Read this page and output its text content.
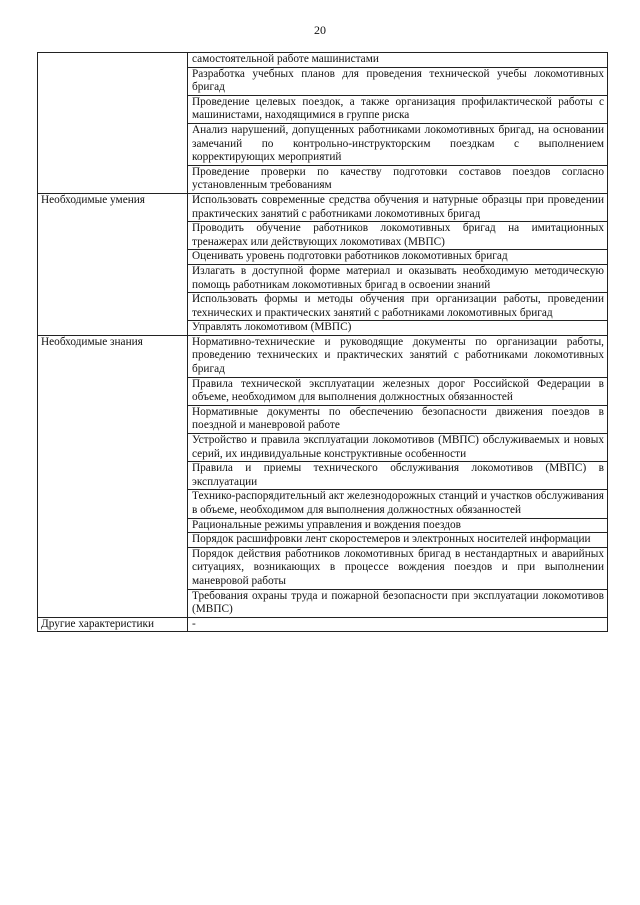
20

	самостоятельной работе машинистами

	Разработка учебных планов для проведения технической учебы локомотивных бригад

	Проведение целевых поездок, а также организация профилактической работы с машинистами, находящимися в группе риска

	Анализ нарушений, допущенных работниками локомотивных бригад, на основании замечаний по контрольно-инструкторским поездкам с выполнением корректирующих мероприятий

	Проведение проверки по качеству подготовки составов поездов согласно установленным требованиям

Необходимые умения	Использовать современные средства обучения и натурные образцы при проведении практических занятий с работниками локомотивных бригад

	Проводить обучение работников локомотивных бригад на имитационных тренажерах или действующих локомотивах (МВПС)

	Оценивать уровень подготовки работников локомотивных бригад

	Излагать в доступной форме материал и оказывать необходимую методическую помощь работникам локомотивных бригад в освоении знаний

	Использовать формы и методы обучения при организации работы, проведении технических и практических занятий с работниками локомотивных бригад

	Управлять локомотивом (МВПС)

Необходимые знания	Нормативно-технические и руководящие документы по организации работы, проведению технических и практических занятий с работниками локомотивных бригад

	Правила технической эксплуатации железных дорог Российской Федерации в объеме, необходимом для выполнения должностных обязанностей

	Нормативные документы по обеспечению безопасности движения поездов в поездной и маневровой работе

	Устройство и правила эксплуатации локомотивов (МВПС) обслуживаемых и новых серий, их индивидуальные конструктивные особенности

	Правила и приемы технического обслуживания локомотивов (МВПС) в эксплуатации

	Технико-распорядительный акт железнодорожных станций и участков обслуживания в объеме, необходимом для выполнения должностных обязанностей

	Рациональные режимы управления и вождения поездов

	Порядок расшифровки лент скоростемеров и электронных носителей информации

	Порядок действия работников локомотивных бригад в нестандартных и аварийных ситуациях, возникающих в процессе вождения поездов и при выполнении маневровой работы

	Требования охраны труда и пожарной безопасности при эксплуатации локомотивов (МВПС)

Другие характеристики	-
